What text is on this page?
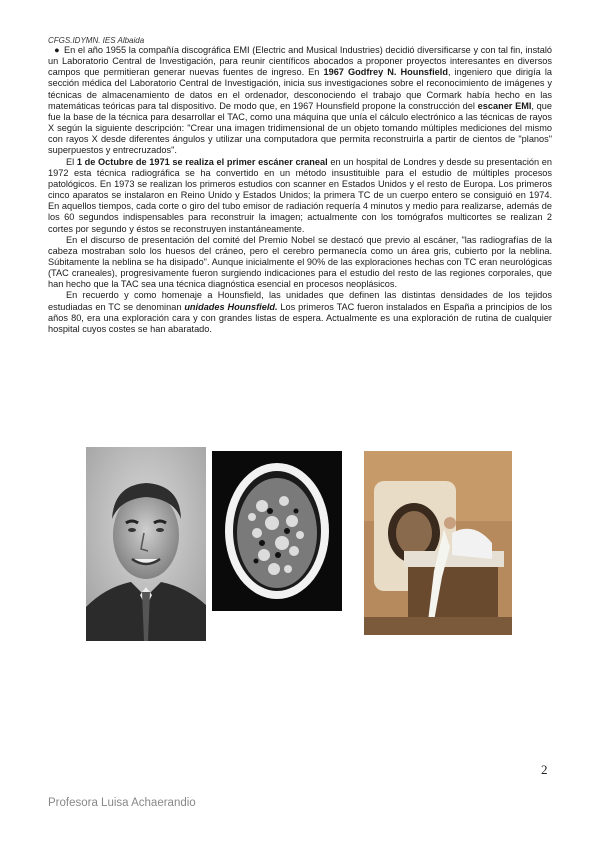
CFGS.IDYMN. IES Albaida

● En el año 1955 la compañía discográfica EMI (Electric and Musical Industries) decidió diversificarse y con tal fin, instaló un Laboratorio Central de Investigación, para reunir científicos abocados a proponer proyectos interesantes en diversos campos que permitieran generar nuevas fuentes de ingreso. En 1967 Godfrey N. Hounsfield, ingeniero que dirigía la sección médica del Laboratorio Central de Investigación, inicia sus investigaciones sobre el reconocimiento de imágenes y técnicas de almacenamiento de datos en el ordenador, desconociendo el trabajo que Cormark había hecho en las matemáticas teóricas para tal dispositivo. De modo que, en 1967 Hounsfield propone la construcción del escaner EMI, que fue la base de la técnica para desarrollar el TAC, como una máquina que unía el cálculo electrónico a las técnicas de rayos X según la siguiente descripción: "Crear una imagen tridimensional de un objeto tomando múltiples mediciones del mismo con rayos X desde diferentes ángulos y utilizar una computadora que permita reconstruirla a partir de cientos de "planos" superpuestos y entrecruzados".

El 1 de Octubre de 1971 se realiza el primer escáner craneal en un hospital de Londres y desde su presentación en 1972 esta técnica radiográfica se ha convertido en un método insustituible para el estudio de múltiples procesos patológicos. En 1973 se realizan los primeros estudios con scanner en Estados Unidos y el resto de Europa. Los primeros cinco aparatos se instalaron en Reino Unido y Estados Unidos; la primera TC de un cuerpo entero se consiguió en 1974. En aquellos tiempos, cada corte o giro del tubo emisor de radiación requería 4 minutos y medio para realizarse, además de los 60 segundos indispensables para reconstruir la imagen; actualmente con los tomógrafos multicortes se realizan 2 cortes por segundo y éstos se reconstruyen instantáneamente.

En el discurso de presentación del comité del Premio Nobel se destacó que previo al escáner, "las radiografías de la cabeza mostraban solo los huesos del cráneo, pero el cerebro permanecía como un área gris, cubierto por la neblina. Súbitamente la neblina se ha disipado". Aunque inicialmente el 90% de las exploraciones hechas con TC eran neurológicas (TAC craneales), progresivamente fueron surgiendo indicaciones para el estudio del resto de las regiones corporales, que han hecho que la TAC sea una técnica diagnóstica esencial en procesos neoplásicos.

En recuerdo y como homenaje a Hounsfield, las unidades que definen las distintas densidades de los tejidos estudiadas en TC se denominan unidades Hounsfield. Los primeros TAC fueron instalados en España a principios de los años 80, era una exploración cara y con grandes listas de espera. Actualmente es una exploración de rutina de cualquier hospital cuyos costes se han abaratado.

2
Profesora Luisa Achaerandio
